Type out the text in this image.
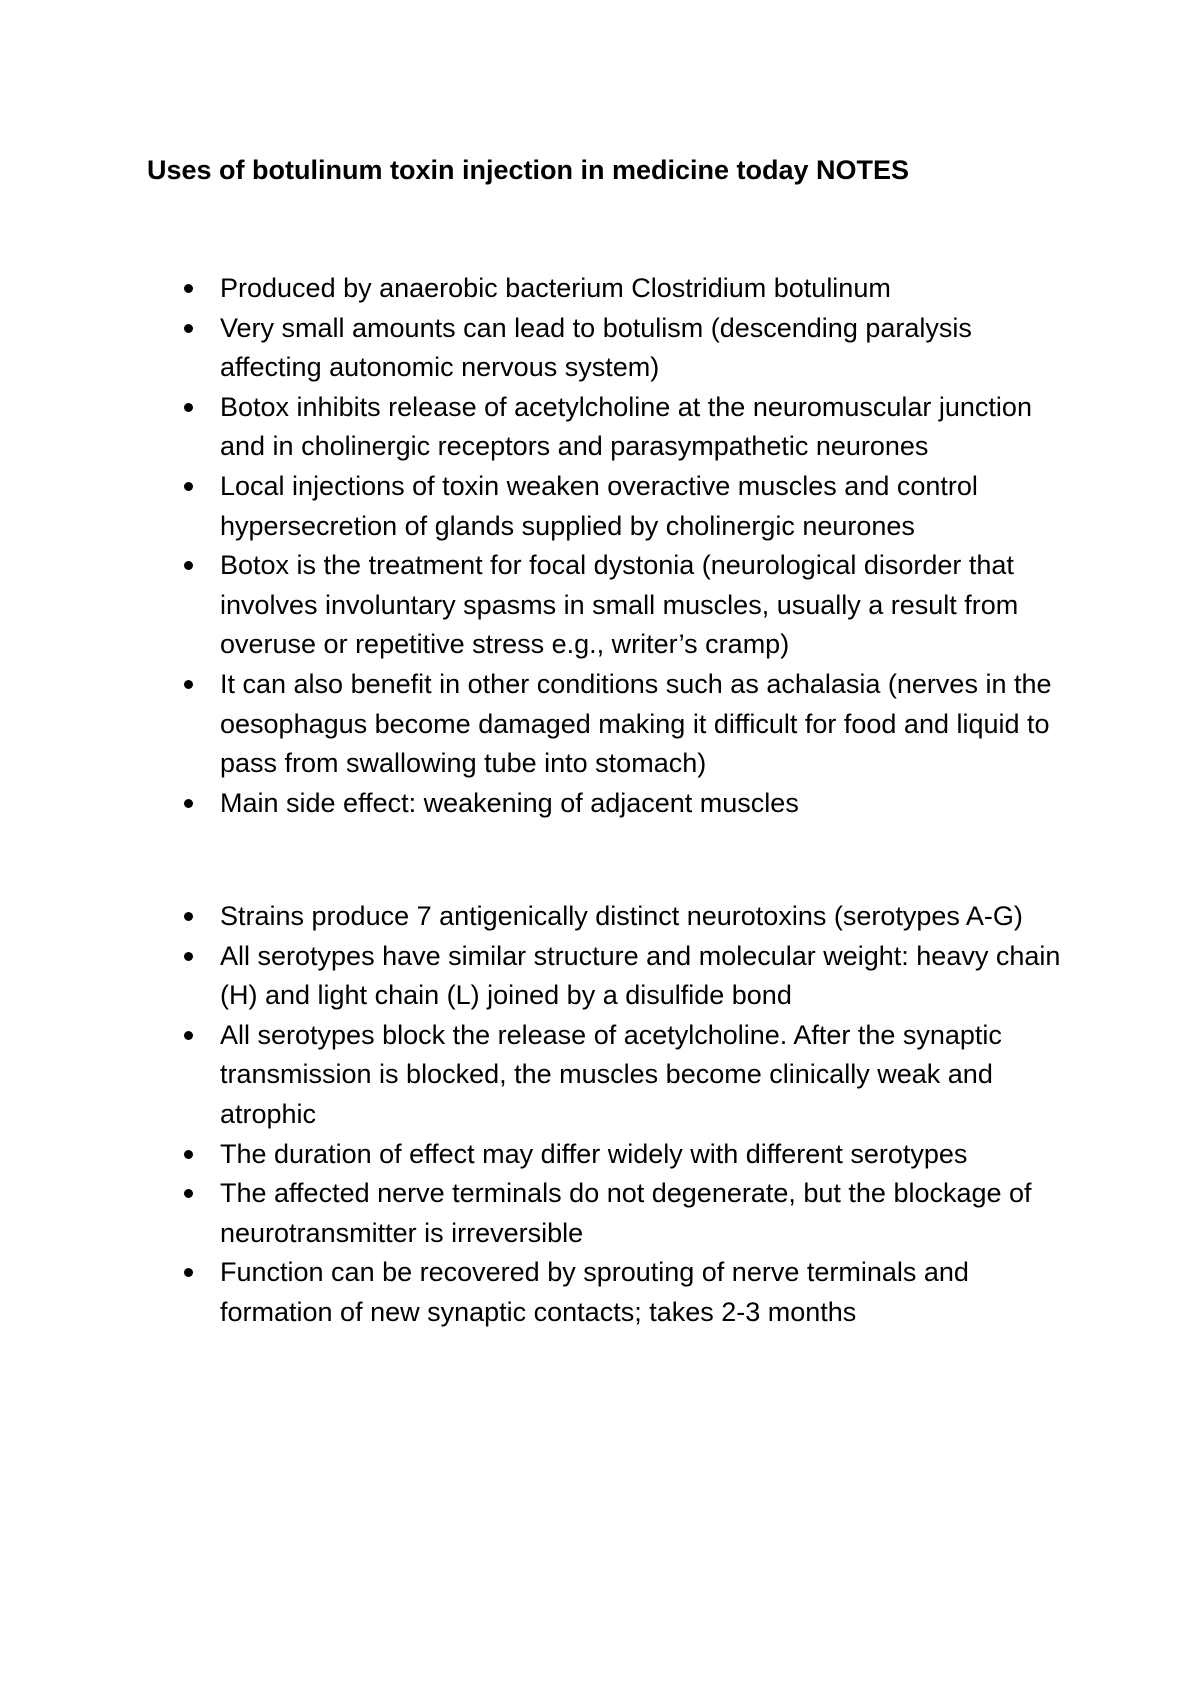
Uses of botulinum toxin injection in medicine today NOTES
Produced by anaerobic bacterium Clostridium botulinum
Very small amounts can lead to botulism (descending paralysis affecting autonomic nervous system)
Botox inhibits release of acetylcholine at the neuromuscular junction and in cholinergic receptors and parasympathetic neurones
Local injections of toxin weaken overactive muscles and control hypersecretion of glands supplied by cholinergic neurones
Botox is the treatment for focal dystonia (neurological disorder that involves involuntary spasms in small muscles, usually a result from overuse or repetitive stress e.g., writer’s cramp)
It can also benefit in other conditions such as achalasia (nerves in the oesophagus become damaged making it difficult for food and liquid to pass from swallowing tube into stomach)
Main side effect: weakening of adjacent muscles
Strains produce 7 antigenically distinct neurotoxins (serotypes A-G)
All serotypes have similar structure and molecular weight: heavy chain (H) and light chain (L) joined by a disulfide bond
All serotypes block the release of acetylcholine. After the synaptic transmission is blocked, the muscles become clinically weak and atrophic
The duration of effect may differ widely with different serotypes
The affected nerve terminals do not degenerate, but the blockage of neurotransmitter is irreversible
Function can be recovered by sprouting of nerve terminals and formation of new synaptic contacts; takes 2-3 months
